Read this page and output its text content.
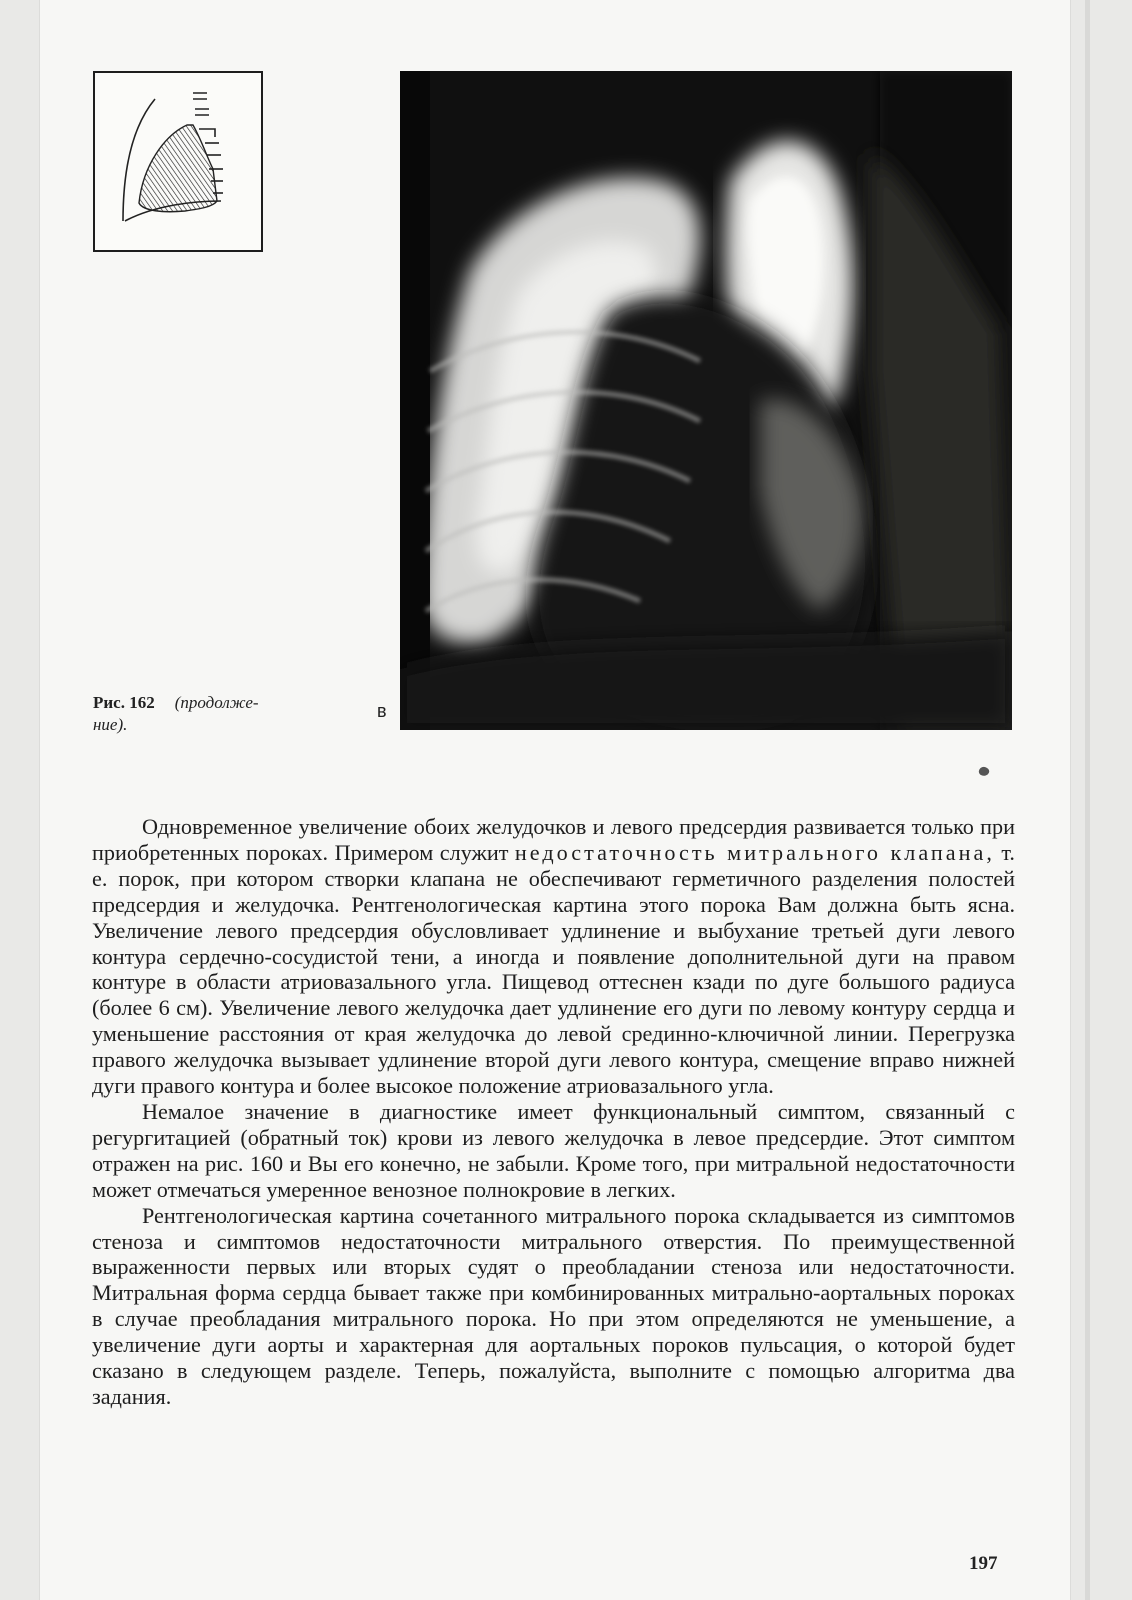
Рис. 162 (продолже-
ние).
в

Одновременное увеличение обоих желудочков и левого предсердия развивается только при приобретенных пороках. Примером служит недостаточность митрального клапана, т. е. порок, при котором створки клапана не обеспечивают герметичного разделения полостей предсердия и желудочка. Рентгенологическая картина этого порока Вам должна быть ясна. Увеличение левого предсердия обусловливает удлинение и выбухание третьей дуги левого контура сердечно-сосудистой тени, а иногда и появление дополнительной дуги на правом контуре в области атриовазального угла. Пищевод оттеснен кзади по дуге большого радиуса (более 6 см). Увеличение левого желудочка дает удлинение его дуги по левому контуру сердца и уменьшение расстояния от края желудочка до левой срединно-ключичной линии. Перегрузка правого желудочка вызывает удлинение второй дуги левого контура, смещение вправо нижней дуги правого контура и более высокое положение атриовазального угла.

Немалое значение в диагностике имеет функциональный симптом, связанный с регургитацией (обратный ток) крови из левого желудочка в левое предсердие. Этот симптом отражен на рис. 160 и Вы его конечно, не забыли. Кроме того, при митральной недостаточности может отмечаться умеренное венозное полнокровие в легких.

Рентгенологическая картина сочетанного митрального порока складывается из симптомов стеноза и симптомов недостаточности митрального отверстия. По преимущественной выраженности первых или вторых судят о преобладании стеноза или недостаточности. Митральная форма сердца бывает также при комбинированных митрально-аортальных пороках в случае преобладания митрального порока. Но при этом определяются не уменьшение, а увеличение дуги аорты и характерная для аортальных пороков пульсация, о которой будет сказано в следующем разделе. Теперь, пожалуйста, выполните с помощью алгоритма два задания.

197
